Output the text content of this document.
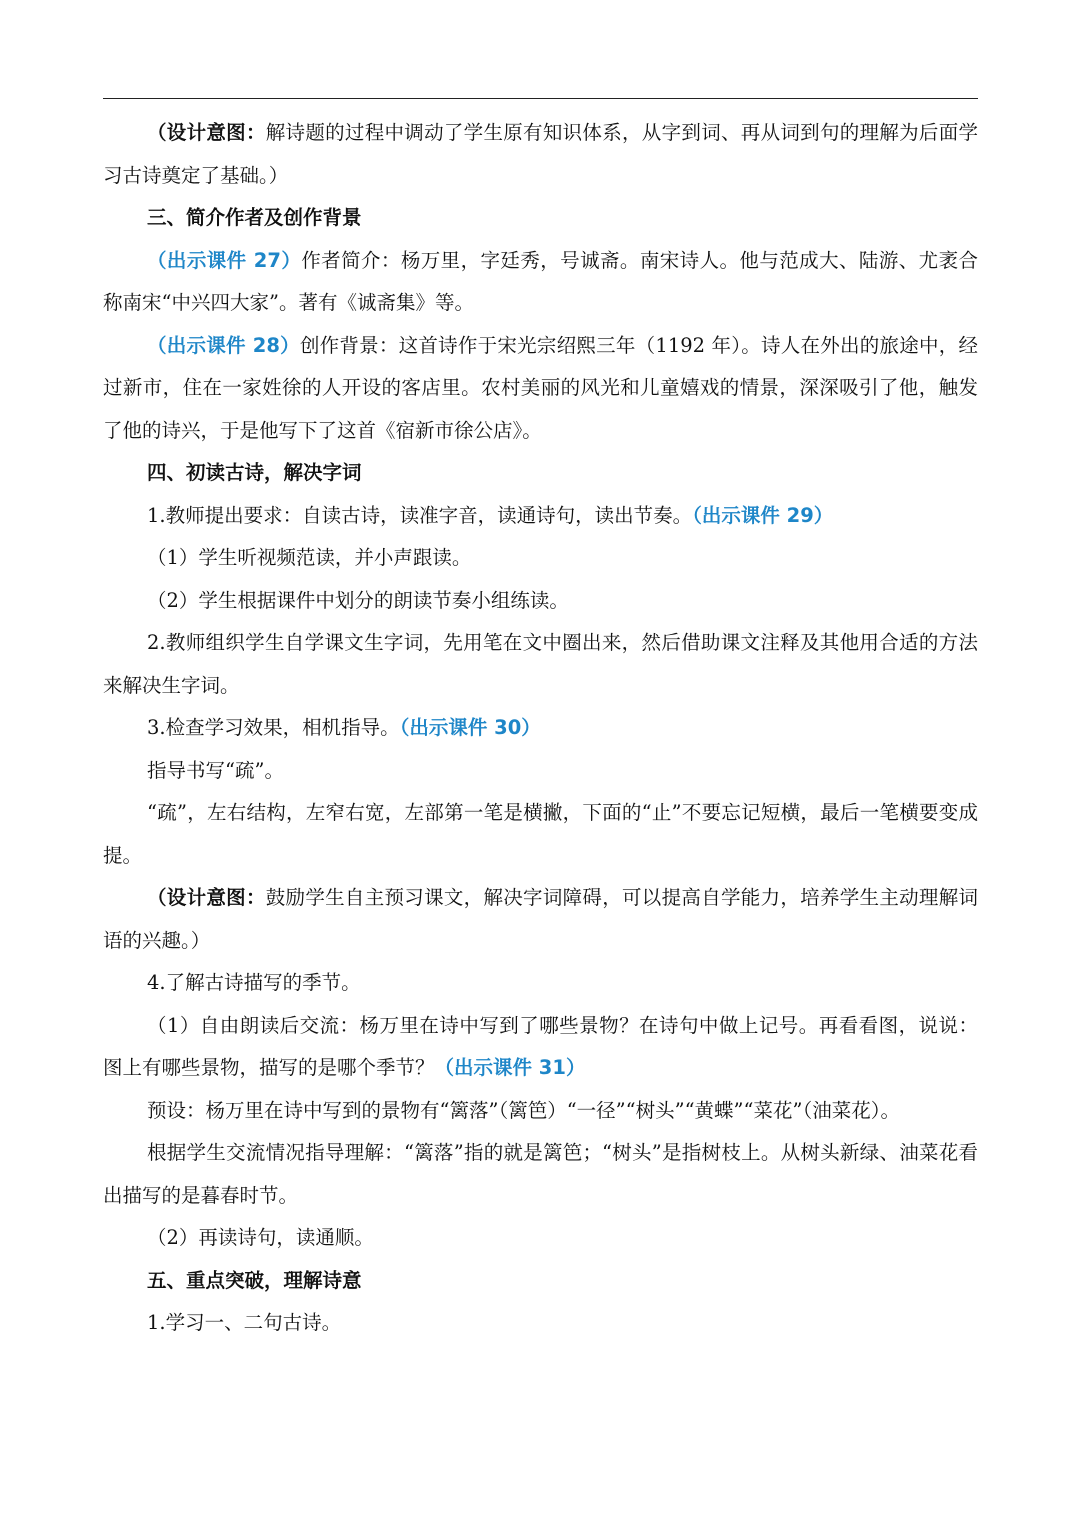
（设计意图：解诗题的过程中调动了学生原有知识体系，从字到词、再从词到句的理解为后面学习古诗奠定了基础。）

三、简介作者及创作背景

（出示课件 27）作者简介：杨万里，字廷秀，号诚斋。南宋诗人。他与范成大、陆游、尤袤合称南宋“中兴四大家”。著有《诚斋集》等。

（出示课件 28）创作背景：这首诗作于宋光宗绍熙三年（1192 年）。诗人在外出的旅途中，经过新市，住在一家姓徐的人开设的客店里。农村美丽的风光和儿童嬉戏的情景，深深吸引了他，触发了他的诗兴，于是他写下了这首《宿新市徐公店》。

四、初读古诗，解决字词

1.教师提出要求：自读古诗，读准字音，读通诗句，读出节奏。（出示课件 29）

（1）学生听视频范读，并小声跟读。

（2）学生根据课件中划分的朗读节奏小组练读。

2.教师组织学生自学课文生字词，先用笔在文中圈出来，然后借助课文注释及其他用合适的方法来解决生字词。

3.检查学习效果，相机指导。（出示课件 30）

指导书写“疏”。

“疏”，左右结构，左窄右宽，左部第一笔是横撇，下面的“止”不要忘记短横，最后一笔横要变成提。

（设计意图：鼓励学生自主预习课文，解决字词障碍，可以提高自学能力，培养学生主动理解词语的兴趣。）

4.了解古诗描写的季节。

（1）自由朗读后交流：杨万里在诗中写到了哪些景物？在诗句中做上记号。再看看图，说说：图上有哪些景物，描写的是哪个季节？（出示课件 31）

预设：杨万里在诗中写到的景物有“篱落”（篱笆）“一径”“树头”“黄蝶”“菜花”（油菜花）。

根据学生交流情况指导理解：“篱落”指的就是篱笆；“树头”是指树枝上。从树头新绿、油菜花看出描写的是暮春时节。

（2）再读诗句，读通顺。

五、重点突破，理解诗意

1.学习一、二句古诗。
